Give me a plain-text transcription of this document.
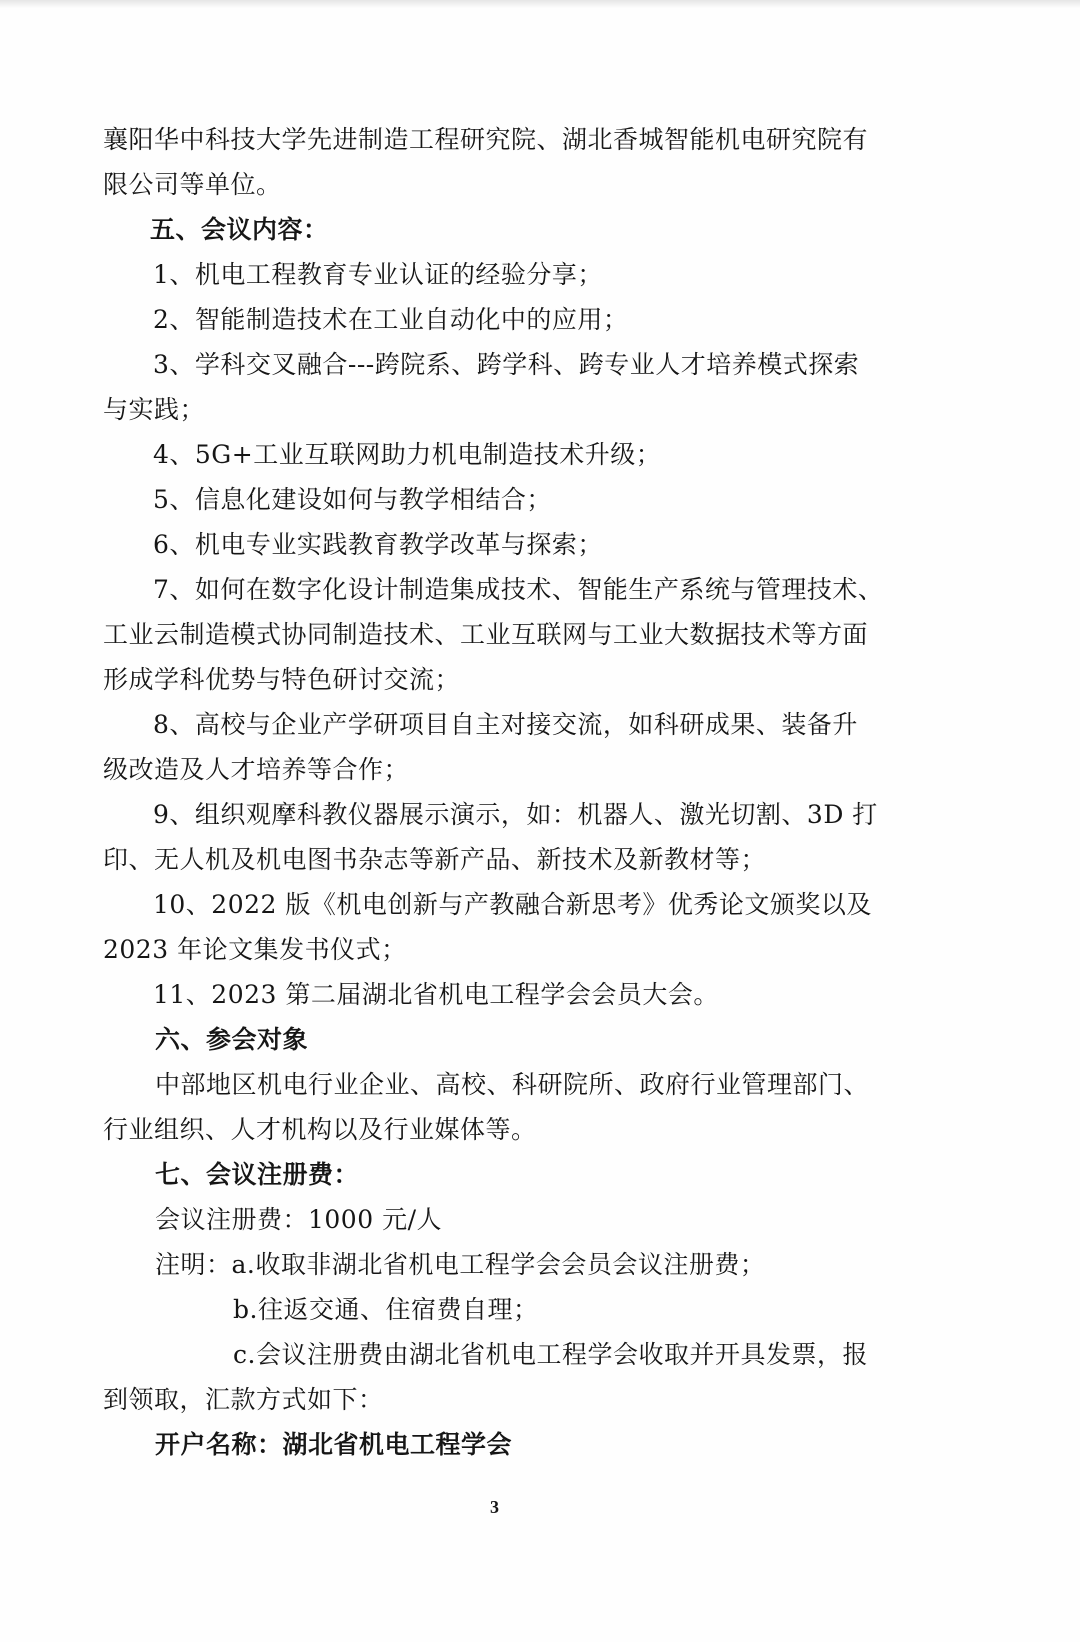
襄阳华中科技大学先进制造工程研究院、湖北香城智能机电研究院有
限公司等单位。
五、会议内容：
1、机电工程教育专业认证的经验分享；
2、智能制造技术在工业自动化中的应用；
3、学科交叉融合---跨院系、跨学科、跨专业人才培养模式探索
与实践；
4、5G+工业互联网助力机电制造技术升级；
5、信息化建设如何与教学相结合；
6、机电专业实践教育教学改革与探索；
7、如何在数字化设计制造集成技术、智能生产系统与管理技术、
工业云制造模式协同制造技术、工业互联网与工业大数据技术等方面
形成学科优势与特色研讨交流；
8、高校与企业产学研项目自主对接交流，如科研成果、装备升
级改造及人才培养等合作；
9、组织观摩科教仪器展示演示，如：机器人、激光切割、3D 打
印、无人机及机电图书杂志等新产品、新技术及新教材等；
10、2022 版《机电创新与产教融合新思考》优秀论文颁奖以及
2023 年论文集发书仪式；
11、2023 第二届湖北省机电工程学会会员大会。
六、参会对象
中部地区机电行业企业、高校、科研院所、政府行业管理部门、
行业组织、人才机构以及行业媒体等。
七、会议注册费：
会议注册费：1000 元/人
注明：a.收取非湖北省机电工程学会会员会议注册费；
b.往返交通、住宿费自理；
c.会议注册费由湖北省机电工程学会收取并开具发票，报
到领取，汇款方式如下：
开户名称：湖北省机电工程学会
3
